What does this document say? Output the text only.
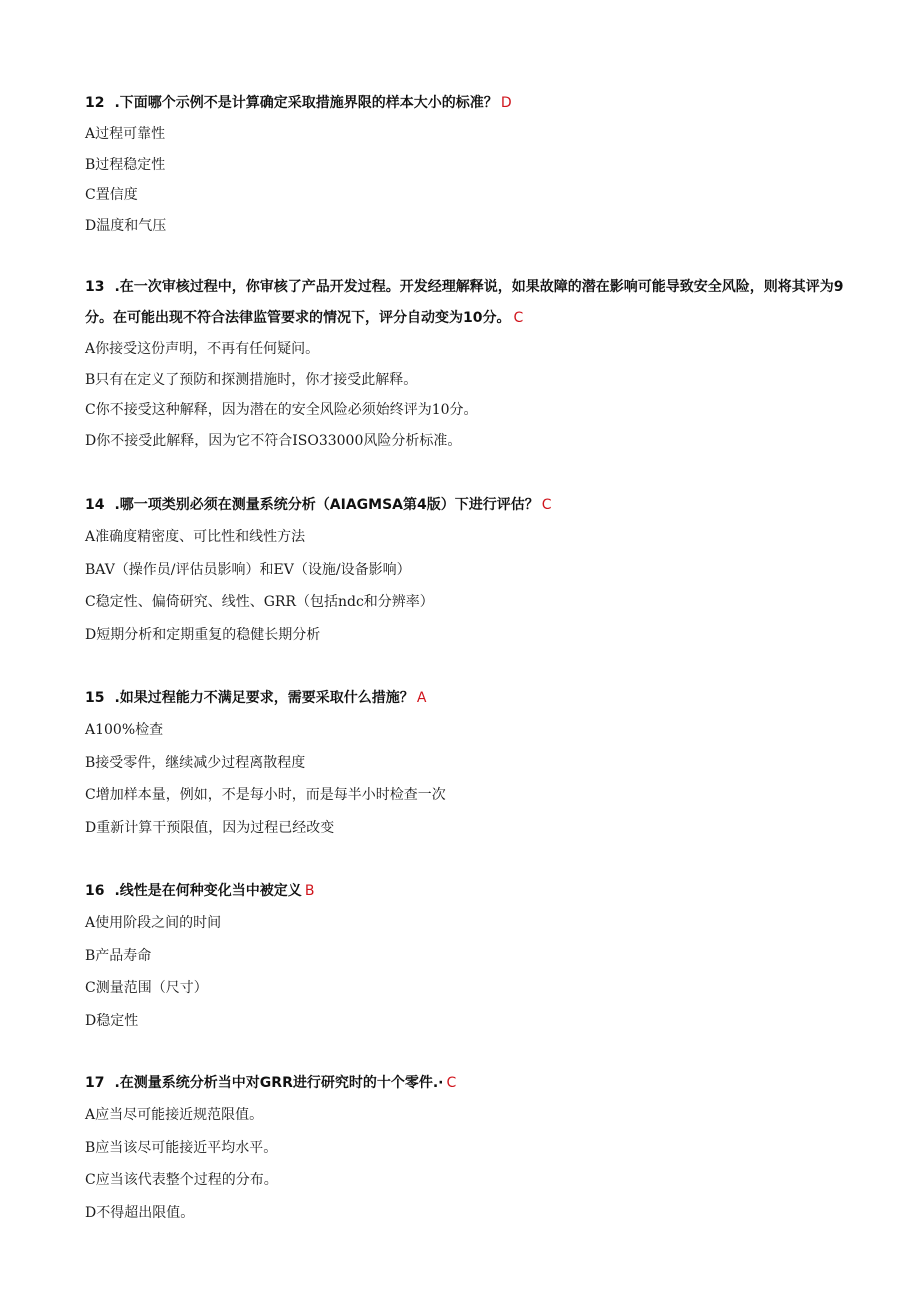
12 .下面哪个示例不是计算确定采取措施界限的样本大小的标准？ D
A过程可靠性
B过程稳定性
C置信度
D温度和气压
13 .在一次审核过程中，你审核了产品开发过程。开发经理解释说，如果故障的潜在影响可能导致安全风险，则将其评为9分。在可能出现不符合法律监管要求的情况下，评分自动变为10分。 C
A你接受这份声明，不再有任何疑问。
B只有在定义了预防和探测措施时，你才接受此解释。
C你不接受这种解释，因为潜在的安全风险必须始终评为10分。
D你不接受此解释，因为它不符合ISO33000风险分析标准。
14 .哪一项类别必须在测量系统分析（AIAGMSA第4版）下进行评估？ C
A准确度精密度、可比性和线性方法
BAV（操作员/评估员影响）和EV（设施/设备影响）
C稳定性、偏倚研究、线性、GRR（包括ndc和分辨率）
D短期分析和定期重复的稳健长期分析
15 .如果过程能力不满足要求，需要采取什么措施？ A
A100%检查
B接受零件，继续减少过程离散程度
C增加样本量，例如，不是每小时，而是每半小时检查一次
D重新计算干预限值，因为过程已经改变
16 .线性是在何种变化当中被定义 B
A使用阶段之间的时间
B产品寿命
C测量范围（尺寸）
D稳定性
17 .在测量系统分析当中对GRR进行研究时的十个零件.· C
A应当尽可能接近规范限值。
B应当该尽可能接近平均水平。
C应当该代表整个过程的分布。
D不得超出限值。
